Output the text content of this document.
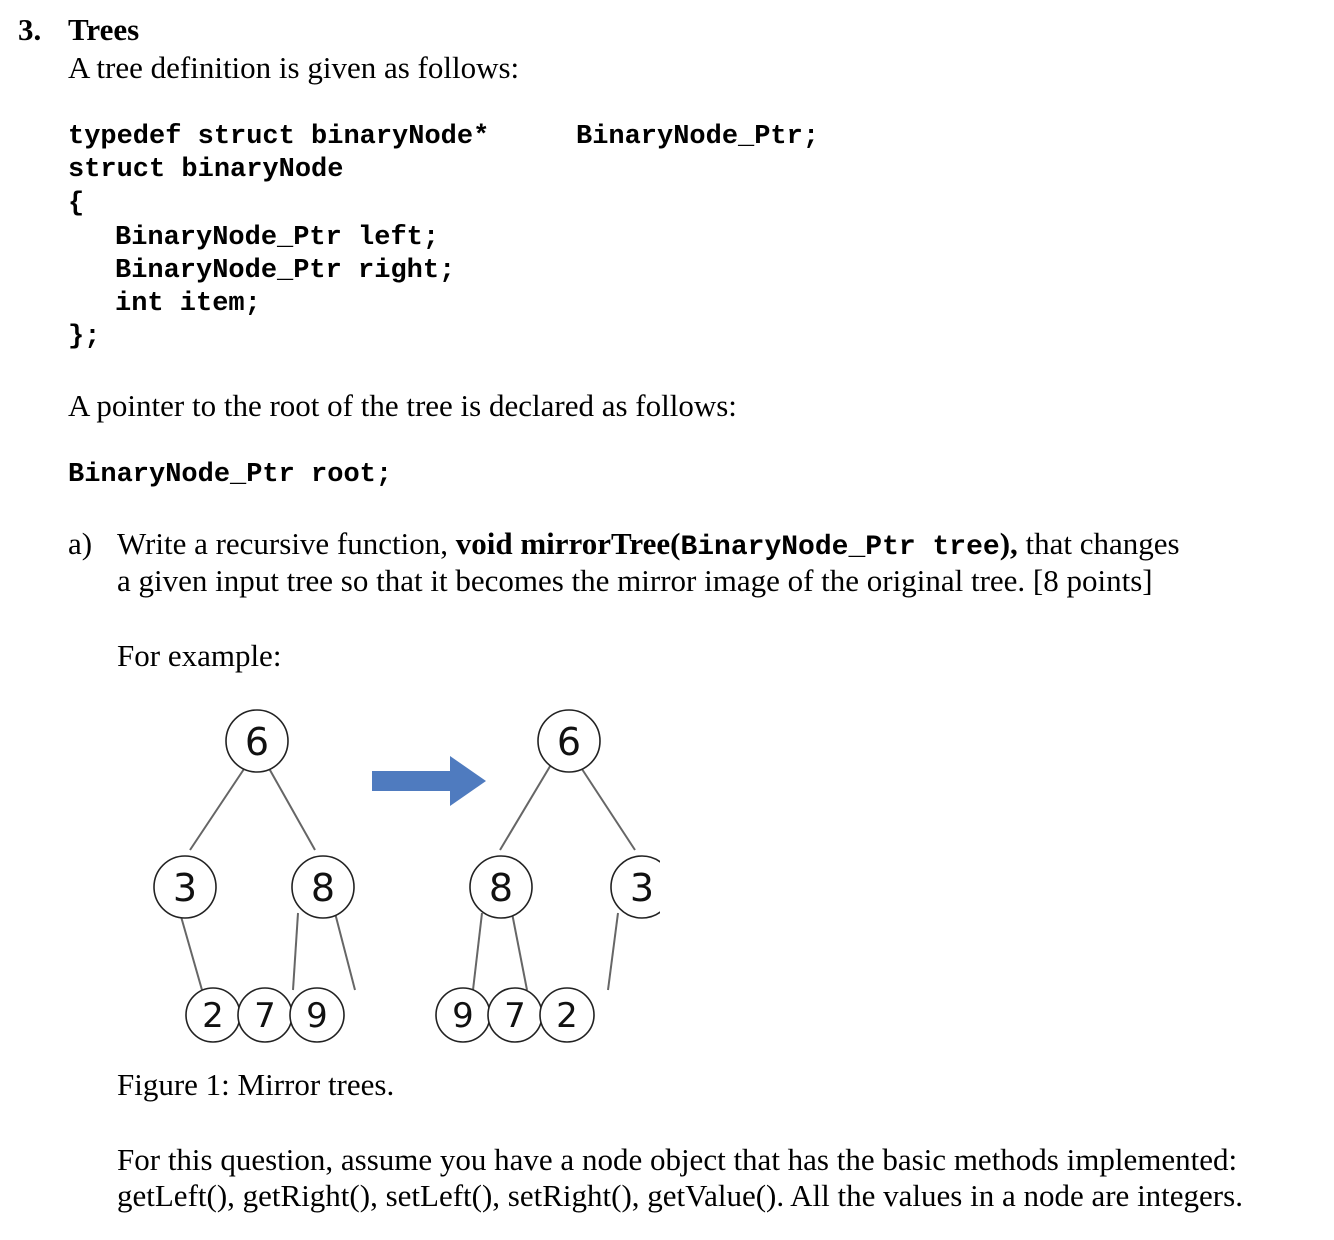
3. Trees
A tree definition is given as follows:
typedef struct binaryNode*	BinaryNode_Ptr;
struct binaryNode
{
BinaryNode_Ptr left;
BinaryNode_Ptr right;
int item;
};
A pointer to the root of the tree is declared as follows:
BinaryNode_Ptr root;
a) Write a recursive function, void mirrorTree(BinaryNode_Ptr tree), that changes
a given input tree so that it becomes the mirror image of the original tree. [8 points]
For example:
6
3	8
2 7 9
6
8	3
9 7 2
Figure 1: Mirror trees.
For this question, assume you have a node object that has the basic methods implemented:
getLeft(), getRight(), setLeft(), setRight(), getValue(). All the values in a node are integers.
